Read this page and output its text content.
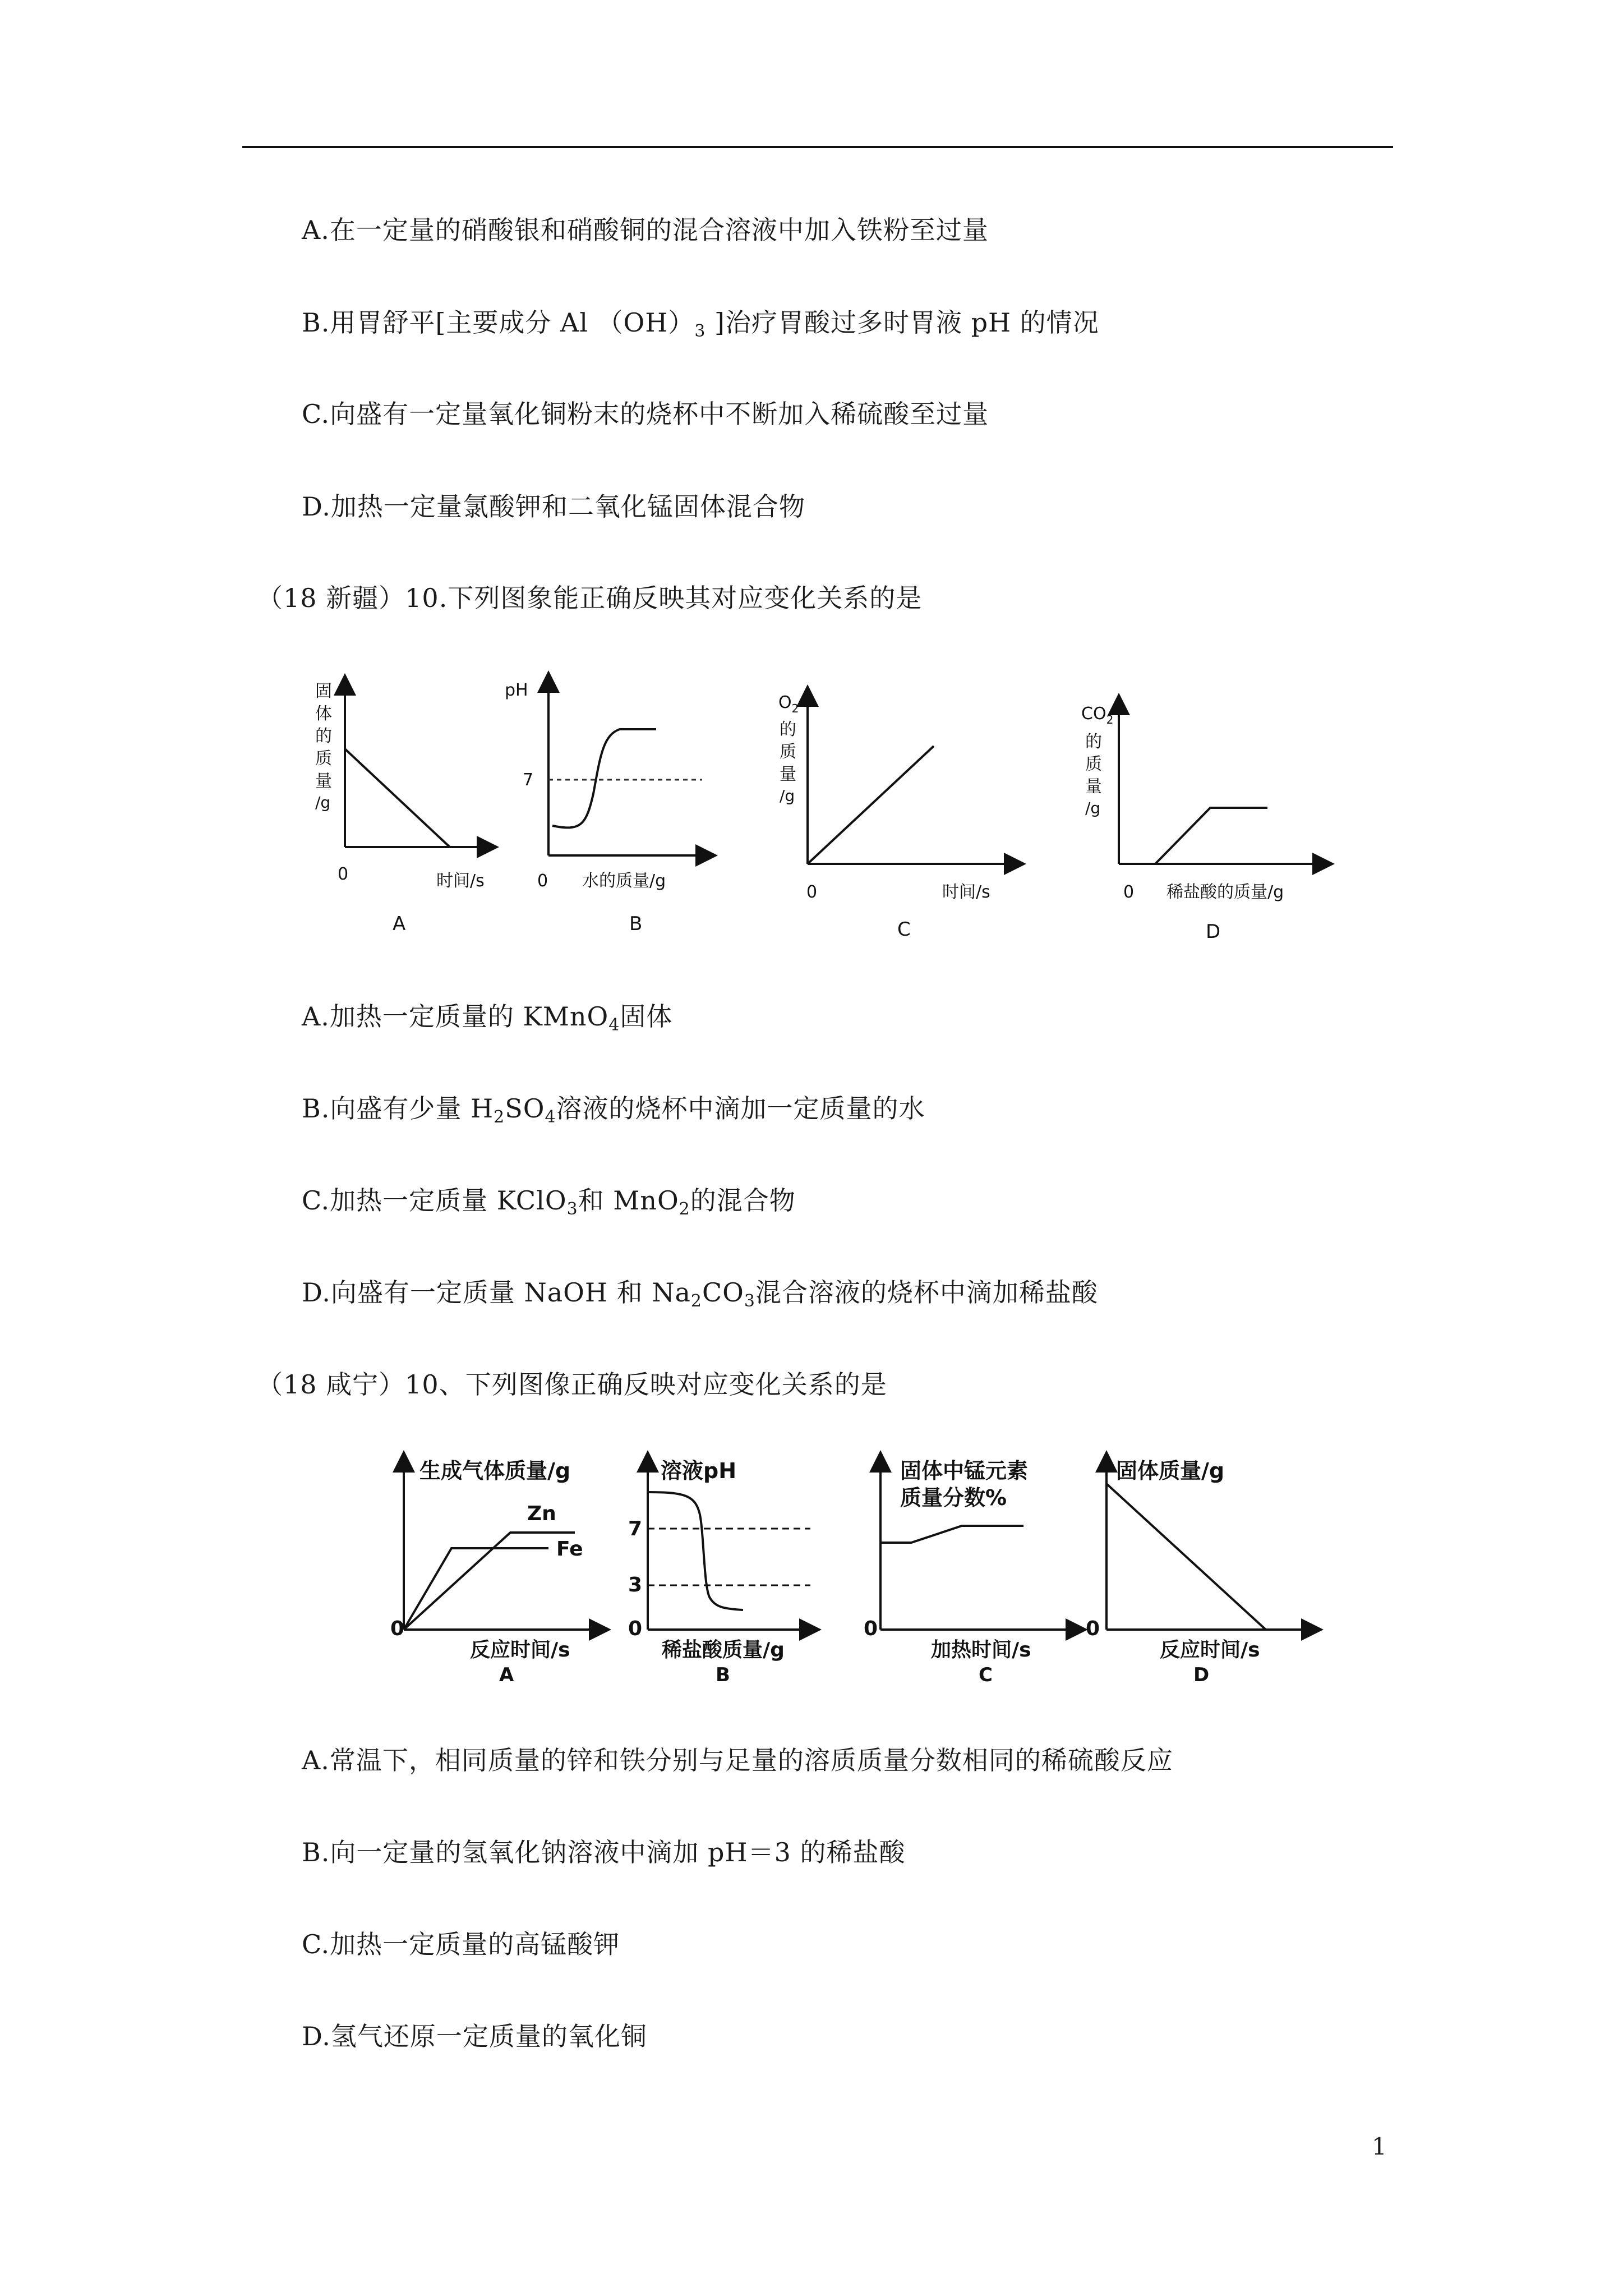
A.在一定量的硝酸银和硝酸铜的混合溶液中加入铁粉至过量
B.用胃舒平[主要成分 Al $(OH)_3$ ]治疗胃酸过多时胃液 pH 的情况
C.向盛有一定量氧化铜粉末的烧杯中不断加入稀硫酸至过量
D.加热一定量氯酸钾和二氧化锰固体混合物
（18 新疆）10.下列图象能正确反映其对应变化关系的是
固
体
的
质
量
/g
0	时间/s
A
pH
7
0 水的质量/g
B
$O_2$
的
质
量
/g
0	时间/s
C
$CO_2$
的
质
量
/g
0 稀盐酸的质量/g
D
A.加热一定质量的 KMnO$_4$固体
B.向盛有少量 $H_2SO_4$溶液的烧杯中滴加一定质量的水
C.加热一定质量 KClO$_3$和 MnO$_2$的混合物
D.向盛有一定质量 NaOH 和 $Na_2CO_3$混合溶液的烧杯中滴加稀盐酸
（18 咸宁）10、下列图像正确反映对应变化关系的是
生成气体质量/g
Zn
Fe
0
反应时间/s
A
溶液pH
7
3
0
稀盐酸质量/g
B
固体中锰元素
质量分数%
0
加热时间/s
C
固体质量/g
0
反应时间/s
D
A.常温下，相同质量的锌和铁分别与足量的溶质质量分数相同的稀硫酸反应
B.向一定量的氢氧化钠溶液中滴加 pH＝3 的稀盐酸
C.加热一定质量的高锰酸钾
D.氢气还原一定质量的氧化铜
1
